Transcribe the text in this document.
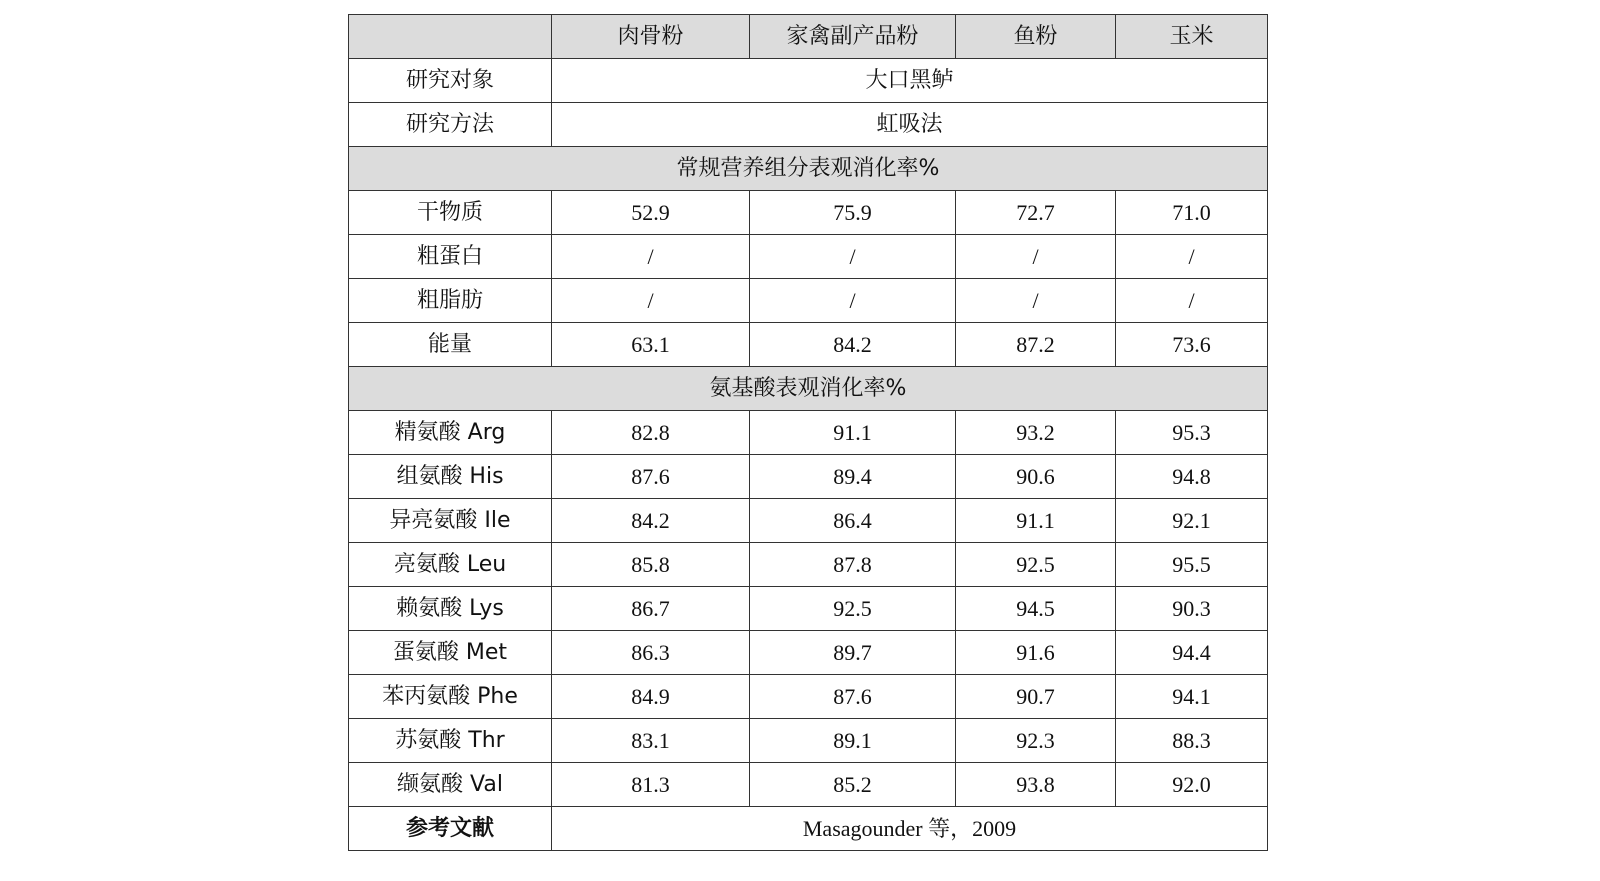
	肉骨粉	家禽副产品粉	鱼粉	玉米
研究对象	大口黑鲈			
研究方法	虹吸法			
常规营养组分表观消化率%				
干物质	52.9	75.9	72.7	71.0
粗蛋白	/	/	/	/
粗脂肪	/	/	/	/
能量	63.1	84.2	87.2	73.6
氨基酸表观消化率%				
精氨酸 Arg	82.8	91.1	93.2	95.3
组氨酸 His	87.6	89.4	90.6	94.8
异亮氨酸 Ile	84.2	86.4	91.1	92.1
亮氨酸 Leu	85.8	87.8	92.5	95.5
赖氨酸 Lys	86.7	92.5	94.5	90.3
蛋氨酸 Met	86.3	89.7	91.6	94.4
苯丙氨酸 Phe	84.9	87.6	90.7	94.1
苏氨酸 Thr	83.1	89.1	92.3	88.3
缬氨酸 Val	81.3	85.2	93.8	92.0
参考文献	Masagounder 等，2009			
